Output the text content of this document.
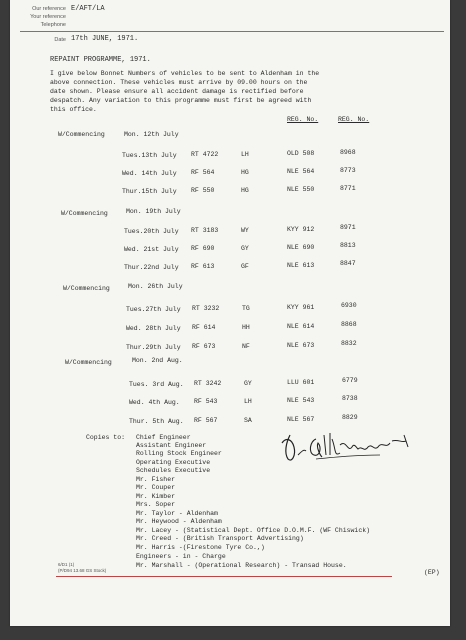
Our reference E/AFT/LA
Your reference
Telephone
Date 17th JUNE, 1971.
REPAINT PROGRAMME, 1971.
I give below Bonnet Numbers of vehicles to be sent to Aldenham in the
above connection. These vehicles must arrive by 09.00 hours on the
date shown. Please ensure all accident damage is rectified before
despatch. Any variation to this programme must first be agreed with
this office.
REG. No.	REG. No.
W/Commencing	Mon. 12th July
Tues.13th July RT 4722	LH	OLD 508	8968
Wed. 14th July RF 564	HG	NLE 564	8773
Thur.15th July RF 550	HG	NLE 550	8771
W/Commencing	Mon. 19th July
Tues.20th July RT 3183	WY	KYY 912	8971
Wed. 21st July RF 690	GY	NLE 690	8813
Thur.22nd July RF 613	GF	NLE 613	8847
W/Commencing	Mon. 26th July
Tues.27th July RT 3232	TG	KYY 961	6930
Wed. 28th July RF 614	HH	NLE 614	8868
Thur.29th July RF 673	NF	NLE 673	8832
W/Commencing	Mon. 2nd Aug.
Tues. 3rd Aug. RT 3242	GY	LLU 601	6779
Wed. 4th Aug. RF 543	LH	NLE 543	8738
Thur. 5th Aug. RF 567	SA	NLE 567	8829
Copies to: Chief Engineer
Assistant Engineer
Rolling Stock Engineer
Operating Executive
Schedules Executive
Mr. Fisher
Mr. Couper
Mr. Kimber
Mrs. Soper
Mr. Taylor - Aldenham
Mr. Heywood - Aldenham
Mr. Lacey - (Statistical Dept. Office D.O.M.F. (WF Chiswick)
Mr. Creed - (British Transport Advertising)
Mr. Harris -(Firestone Tyre Co.,)
Engineers - in - Charge
Mr. Marshall - (Operational Research) - Transad House.
6/D1 (1)
(P/D94 13.68 GS Stock)	(EP)
